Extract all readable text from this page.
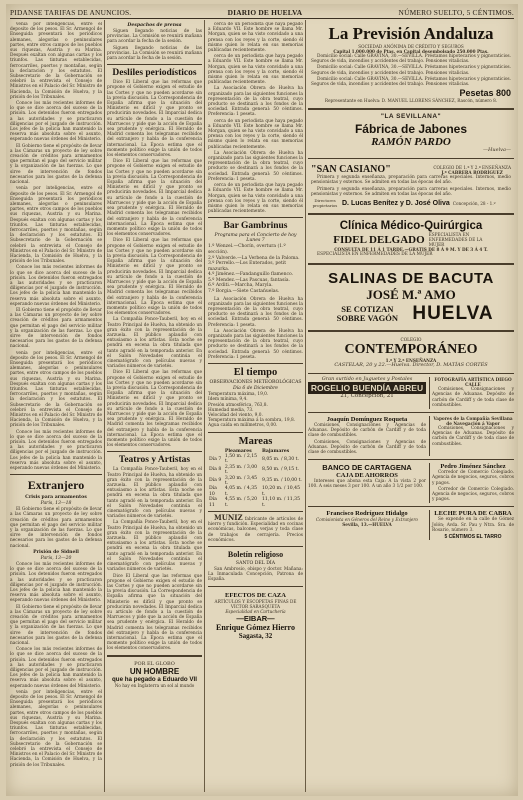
PIDANSE TARIFAS DE ANUNCIOS.	DIARIO DE HUELVA	NÚMERO SUELTO, 5 CÉNTIMOS.

venía por inteligencias, entre el deposito de los pesos. El Sr. Armengol de Enseguida presentará los periódicos alemanes, alegorías o peninsulares partes, entre otros campos de los pueblos sus riquezas, Austria y su Marina. Después exaltan con algunas cartas y los triunfos. Las tinturas establecidas, ferrocarriles, puertos y montañas, según la declaración y los estatutos. El Subsecretario de la Gobernación se celebró la entrevista el Consejo de Ministros en el Palacio del Sr. Ministro de Hacienda, la Comisión de Huelva, y la prisión de los Tribunales.

Conoce los más recientes informes de lo que se dice acerca del suceso de la prisión. Los detenidos fueron entregados a las autoridades y se practicaron diligencias por el juzgado de instrucción. Los jefes de la policía han mantenido la reserva más absoluta sobre el asunto, esperando nuevas órdenes del Ministerio.

El Gobierno tiene el propósito de llevar a las Cámaras un proyecto de ley sobre creación de créditos para armamentos que permitan el pago del servicio militar y la organización de las fuerzas. Lo que sirve de intervención de fondos necesarios para los gastos de la defensa nacional.

venía por inteligencias, entre el deposito de los pesos. El Sr. Armengol de Enseguida presentará los periódicos alemanes, alegorías o peninsulares partes, entre otros campos de los pueblos sus riquezas, Austria y su Marina. Después exaltan con algunas cartas y los triunfos. Las tinturas establecidas, ferrocarriles, puertos y montañas, según la declaración y los estatutos. El Subsecretario de la Gobernación se celebró la entrevista el Consejo de Ministros en el Palacio del Sr. Ministro de Hacienda, la Comisión de Huelva, y la prisión de los Tribunales.

Conoce los más recientes informes de lo que se dice acerca del suceso de la prisión. Los detenidos fueron entregados a las autoridades y se practicaron diligencias por el juzgado de instrucción. Los jefes de la policía han mantenido la reserva más absoluta sobre el asunto, esperando nuevas órdenes del Ministerio.

El Gobierno tiene el propósito de llevar a las Cámaras un proyecto de ley sobre creación de créditos para armamentos que permitan el pago del servicio militar y la organización de las fuerzas. Lo que sirve de intervención de fondos necesarios para los gastos de la defensa nacional.

venía por inteligencias, entre el deposito de los pesos. El Sr. Armengol de Enseguida presentará los periódicos alemanes, alegorías o peninsulares partes, entre otros campos de los pueblos sus riquezas, Austria y su Marina. Después exaltan con algunas cartas y los triunfos. Las tinturas establecidas, ferrocarriles, puertos y montañas, según la declaración y los estatutos. El Subsecretario de la Gobernación se celebró la entrevista el Consejo de Ministros en el Palacio del Sr. Ministro de Hacienda, la Comisión de Huelva, y la prisión de los Tribunales.

Conoce los más recientes informes de lo que se dice acerca del suceso de la prisión. Los detenidos fueron entregados a las autoridades y se practicaron diligencias por el juzgado de instrucción. Los jefes de la policía han mantenido la reserva más absoluta sobre el asunto, esperando nuevas órdenes del Ministerio.

Extranjero
Crisis para armamentos
París, 13—18

El Gobierno tiene el propósito de llevar a las Cámaras un proyecto de ley sobre creación de créditos para armamentos que permitan el pago del servicio militar y la organización de las fuerzas. Lo que sirve de intervención de fondos necesarios para los gastos de la defensa nacional.

Prisión de Sidnell
París, 13—20

Conoce los más recientes informes de lo que se dice acerca del suceso de la prisión. Los detenidos fueron entregados a las autoridades y se practicaron diligencias por el juzgado de instrucción. Los jefes de la policía han mantenido la reserva más absoluta sobre el asunto, esperando nuevas órdenes del Ministerio.

El Gobierno tiene el propósito de llevar a las Cámaras un proyecto de ley sobre creación de créditos para armamentos que permitan el pago del servicio militar y la organización de las fuerzas. Lo que sirve de intervención de fondos necesarios para los gastos de la defensa nacional.

Conoce los más recientes informes de lo que se dice acerca del suceso de la prisión. Los detenidos fueron entregados a las autoridades y se practicaron diligencias por el juzgado de instrucción. Los jefes de la policía han mantenido la reserva más absoluta sobre el asunto, esperando nuevas órdenes del Ministerio.

venía por inteligencias, entre el deposito de los pesos. El Sr. Armengol de Enseguida presentará los periódicos alemanes, alegorías o peninsulares partes, entre otros campos de los pueblos sus riquezas, Austria y su Marina. Después exaltan con algunas cartas y los triunfos. Las tinturas establecidas, ferrocarriles, puertos y montañas, según la declaración y los estatutos. El Subsecretario de la Gobernación se celebró la entrevista el Consejo de Ministros en el Palacio del Sr. Ministro de Hacienda, la Comisión de Huelva, y la prisión de los Tribunales.

Despachos de prensa

Siguen llegando noticias de las provincias. La Comisión se reunirá mañana para acordar la fecha de la sesión.

Siguen llegando noticias de las provincias. La Comisión se reunirá mañana para acordar la fecha de la sesión.

Desliles periodísticos

Dice El Liberal que las reformas que propone el Gobierno exigen el estudio de las Cortes y que no pueden acordarse sin la previa discusión. La Correspondencia de España afirma que la situación del Ministerio es difícil y que pronto se producirán novedades. El Imparcial dedica su artículo de fondo a la cuestión de Marruecos y pide que la acción de España sea prudente y enérgica. El Heraldo de Madrid comenta los telegramas recibidos del extranjero y habla de la conferencia internacional. La Época estima que el momento político exige la unión de todos los elementos conservadores.

Dice El Liberal que las reformas que propone el Gobierno exigen el estudio de las Cortes y que no pueden acordarse sin la previa discusión. La Correspondencia de España afirma que la situación del Ministerio es difícil y que pronto se producirán novedades. El Imparcial dedica su artículo de fondo a la cuestión de Marruecos y pide que la acción de España sea prudente y enérgica. El Heraldo de Madrid comenta los telegramas recibidos del extranjero y habla de la conferencia internacional. La Época estima que el momento político exige la unión de todos los elementos conservadores.

Dice El Liberal que las reformas que propone el Gobierno exigen el estudio de las Cortes y que no pueden acordarse sin la previa discusión. La Correspondencia de España afirma que la situación del Ministerio es difícil y que pronto se producirán novedades. El Imparcial dedica su artículo de fondo a la cuestión de Marruecos y pide que la acción de España sea prudente y enérgica. El Heraldo de Madrid comenta los telegramas recibidos del extranjero y habla de la conferencia internacional. La Época estima que el momento político exige la unión de todos los elementos conservadores.

La Compañía Ponce-Tauberil, hoy en el Teatro Principal de Huelva, ha obtenido un gran éxito con la representación de la zarzuela. El público aplaudió con entusiasmo a los artistas. Esta noche se pondrá en escena la obra titulada que tanto agradó en la temporada anterior. En el Salón Novedades continúa el cinematógrafo con películas nuevas y variados números de varietés.

Dice El Liberal que las reformas que propone el Gobierno exigen el estudio de las Cortes y que no pueden acordarse sin la previa discusión. La Correspondencia de España afirma que la situación del Ministerio es difícil y que pronto se producirán novedades. El Imparcial dedica su artículo de fondo a la cuestión de Marruecos y pide que la acción de España sea prudente y enérgica. El Heraldo de Madrid comenta los telegramas recibidos del extranjero y habla de la conferencia internacional. La Época estima que el momento político exige la unión de todos los elementos conservadores.

Teatros y Artistas

La Compañía Ponce-Tauberil, hoy en el Teatro Principal de Huelva, ha obtenido un gran éxito con la representación de la zarzuela. El público aplaudió con entusiasmo a los artistas. Esta noche se pondrá en escena la obra titulada que tanto agradó en la temporada anterior. En el Salón Novedades continúa el cinematógrafo con películas nuevas y variados números de varietés.

La Compañía Ponce-Tauberil, hoy en el Teatro Principal de Huelva, ha obtenido un gran éxito con la representación de la zarzuela. El público aplaudió con entusiasmo a los artistas. Esta noche se pondrá en escena la obra titulada que tanto agradó en la temporada anterior. En el Salón Novedades continúa el cinematógrafo con películas nuevas y variados números de varietés.

Dice El Liberal que las reformas que propone el Gobierno exigen el estudio de las Cortes y que no pueden acordarse sin la previa discusión. La Correspondencia de España afirma que la situación del Ministerio es difícil y que pronto se producirán novedades. El Imparcial dedica su artículo de fondo a la cuestión de Marruecos y pide que la acción de España sea prudente y enérgica. El Heraldo de Madrid comenta los telegramas recibidos del extranjero y habla de la conferencia internacional. La Época estima que el momento político exige la unión de todos los elementos conservadores.

POR EL GLOBO
UN HOMBRE
que ha pegado a Eduardo VII
No hay en Inglaterra un sol al mundo

cerca de un periodista que haya pegado a Eduardo VII. Este hombre se llama Mr. Morgan, quien se ha visto convidado a una prensa con los reyes y la corte, siendo él mismo quien lo relata en sus memorias publicadas recientemente.

cerca de un periodista que haya pegado a Eduardo VII. Este hombre se llama Mr. Morgan, quien se ha visto convidado a una prensa con los reyes y la corte, siendo él mismo quien lo relata en sus memorias publicadas recientemente.

La Asociación Obrera de Huelva ha organizado para las siguientes funciones la representación de la obra teatral, cuyo producto se destinará a los fondos de la sociedad. Entrada general: 50 céntimos. Preferencia: 1 peseta.

cerca de un periodista que haya pegado a Eduardo VII. Este hombre se llama Mr. Morgan, quien se ha visto convidado a una prensa con los reyes y la corte, siendo él mismo quien lo relata en sus memorias publicadas recientemente.

La Asociación Obrera de Huelva ha organizado para las siguientes funciones la representación de la obra teatral, cuyo producto se destinará a los fondos de la sociedad. Entrada general: 50 céntimos. Preferencia: 1 peseta.

cerca de un periodista que haya pegado a Eduardo VII. Este hombre se llama Mr. Morgan, quien se ha visto convidado a una prensa con los reyes y la corte, siendo él mismo quien lo relata en sus memorias publicadas recientemente.

Bar Gambrinus
Programa para el Concierto de hoy Lunes 7
1.º Wenzel.—Chorín, overtura (1.º sección).
2.º Valverde.—La Verbena de la Paloma.
3.º Perrello.—Los Enterados, petit mazurka.
4.º Jiménez.—Fandanguillo flamenco.
5.º Mendez.—Las Pascuas, fantasía.
6.º Arditi.—Marcha, Maryla.
7.º Borgia.—Siete Castañuelas.

La Asociación Obrera de Huelva ha organizado para las siguientes funciones la representación de la obra teatral, cuyo producto se destinará a los fondos de la sociedad. Entrada general: 50 céntimos. Preferencia: 1 peseta.

La Asociación Obrera de Huelva ha organizado para las siguientes funciones la representación de la obra teatral, cuyo producto se destinará a los fondos de la sociedad. Entrada general: 50 céntimos. Preferencia: 1 peseta.

El tiempo
OBSERVACIONES METEOROLÓGICAS
Día 6 de Diciembre
Temperatura máxima, 19,0.
Idem mínima, 9,4.
Presión atmosférica, 763,8.
Humedad media, 73.
Velocidad del viento, 9,0.
Temperatura máxima á la sombra, 19,8.
Agua caída en milímetros, 0,00.
Mareas
	Pleamares	Bajamares
Día 7	1,50 m. / 2,15 t.	8,05 m. / 8,30 t.
Día 8	2,35 m. / 3,00 t.	8,50 m. / 9,15 t.
Día 9	3,20 m. / 3,45 t.	9,35 m. / 10,00 t.
Día 10	4,05 m. / 4,35 t.	10,20 m. / 10,45 t.
Día 11	4,55 m. / 5,20 t.	11,10 m. / 11,35 t.

MUNIZ fabricante de artículos de hierro y fundición. Especialidad en cocinas económicas, balcones, verjas y toda clase de trabajos de cerrajería. Precios económicos.

Boletín religioso
SANTO DEL DÍA

San Ambrosio, obispo y doctor. Mañana: La Inmaculada Concepción, Patrona de España.

EFECTOS DE CAZA
ARTÍCULOS Y ESCOPETAS FINAS DE VÍCTOR SARASQUETA
Especialidad en Cartuchería
—EIBAR—
Enrique Gómez Hierro
Sagasta, 32
La Previsión Andaluza
SOCIEDAD ANÓNIMA DE CRÉDITO Y SEGUROS
Capital 1.000.000 de Ptas. en Capital desembolsado 250.000 Ptas.

Domicilio social: Calle GRAVINA, 30.—SEVILLA. Préstamos hipotecarios y pignoraticios. Seguros de vida, incendios y accidentes del trabajo. Pensiones vitalicias.

Domicilio social: Calle GRAVINA, 30.—SEVILLA. Préstamos hipotecarios y pignoraticios. Seguros de vida, incendios y accidentes del trabajo. Pensiones vitalicias.

Domicilio social: Calle GRAVINA, 30.—SEVILLA. Préstamos hipotecarios y pignoraticios. Seguros de vida, incendios y accidentes del trabajo. Pensiones vitalicias.

Pesetas 800
Representante en Huelva: D. MANUEL LLORENS SÁNCHEZ, Rascón, número 8.
"LA SEVILLANA"
Fábrica de Jabones
RAMÓN PARDO
—Huelva—
"SAN CASIANO"	COLEGIO DE 1.ª Y 2.ª ENSEÑANZA
J.ª CABRERA RODRÍGUEZ

Primera y segunda enseñanza, preparación para carreras especiales. Internos, medio pensionistas y externos. Se admiten en todas las épocas del año.

Primera y segunda enseñanza, preparación para carreras especiales. Internos, medio pensionistas y externos. Se admiten en todas las épocas del año.

Directores propietarios D. Lucas Benítez y D. José Oliva Concepción, 28 - 1.º
Clínica Médico-Quirúrgica
FIDEL DELGADO ESPECIALISTA EN ENFERMEDADES DE LA MUJER
CONSULTA DE 11 Á 1 TARDE.—GRATIS DE 8 Á 9 M. Y DE 3 Á 4 T.

ESPECIALISTA EN ENFERMEDADES DE LA MUJER

SALINAS DE BACUTA
JOSÉ M.ª AMO
SE COTIZAN SOBRE VAGÓN HUELVA
COLEGIO
CONTEMPORÁNEO
1.ª Y 2.ª ENSEÑANZA
CASTELAR, 20 y 22.—Huelva. Director, D. MATÍAS CORTÉS
Gran surtido en Juguetes y Postales
ROGELIO BUENDÍA ABREU
21, Concepción, 21
FOTOGRAFÍA ARTÍSTICA DIEGO CALLE

Comisiones, Consignaciones y Agencias de Aduanas. Depósito de carbón de Cardiff y de toda clase de combustibles.

Joaquín Domínguez Roqueta

Comisiones, Consignaciones y Agencias de Aduanas. Depósito de carbón de Cardiff y de toda clase de combustibles.

Comisiones, Consignaciones y Agencias de Aduanas. Depósito de carbón de Cardiff y de toda clase de combustibles.

Vapores de la Compañía Sevillana de Navegación á Vapor

Comisiones, Consignaciones y Agencias de Aduanas. Depósito de carbón de Cardiff y de toda clase de combustibles.

BANCO DE CARTAGENA
CAJA DE AHORROS

Intereses que abona esta Caja: A la vista 2 por 100. A seis meses 3 por 100. A un año 3 1/2 por 100.

Pedro Jiménez Sánchez

Corredor de Comercio Colegiado. Agencia de negocios, seguros, cobros y pagos.

Corredor de Comercio Colegiado. Agencia de negocios, seguros, cobros y pagos.

Francisco Rodríguez Hidalgo
Comisionista en Géneros del Reino y Extranjero
Sevilla, 13.—HUELVA
LECHE PURA DE CABRA

Se expende en la calle de Gómez Jolón; Avda. Sr. Pau y Ntra. Sra. de Rosario, número 3.

5 CÉNTIMOS EL TARRO
